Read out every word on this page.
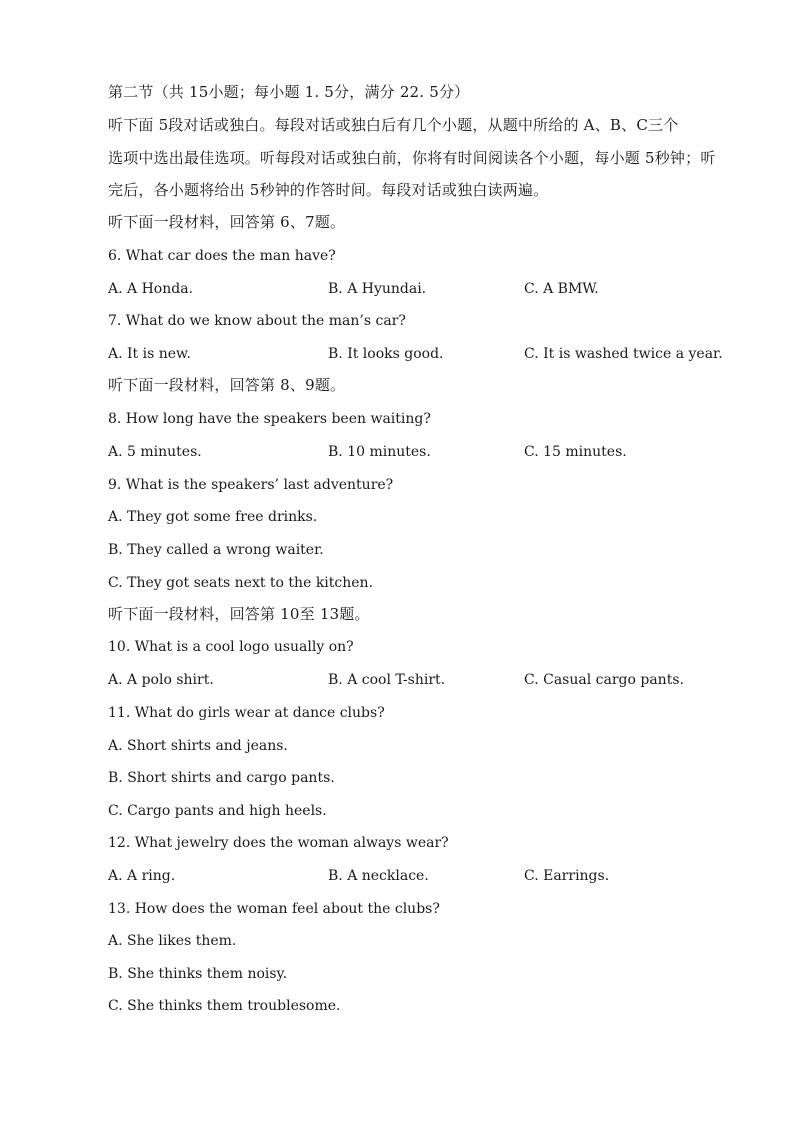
第二节（共 15小题；每小题 1. 5分，满分 22. 5分）
听下面 5段对话或独白。每段对话或独白后有几个小题，从题中所给的 A、B、C三个
选项中选出最佳选项。听每段对话或独白前，你将有时间阅读各个小题，每小题 5秒钟；听
完后，各小题将给出 5秒钟的作答时间。每段对话或独白读两遍。
听下面一段材料，回答第 6、7题。
6. What car does the man have?
A. A Honda.	B. A Hyundai.	C. A BMW.
7. What do we know about the man’s car?
A. It is new.	B. It looks good.	C. It is washed twice a year.
听下面一段材料，回答第 8、9题。
8. How long have the speakers been waiting?
A. 5 minutes.	B. 10 minutes.	C. 15 minutes.
9. What is the speakers’ last adventure?
A. They got some free drinks.
B. They called a wrong waiter.
C. They got seats next to the kitchen.
听下面一段材料，回答第 10至 13题。
10. What is a cool logo usually on?
A. A polo shirt.	B. A cool T-shirt.	C. Casual cargo pants.
11. What do girls wear at dance clubs?
A. Short shirts and jeans.
B. Short shirts and cargo pants.
C. Cargo pants and high heels.
12. What jewelry does the woman always wear?
A. A ring.	B. A necklace.	C. Earrings.
13. How does the woman feel about the clubs?
A. She likes them.
B. She thinks them noisy.
C. She thinks them troublesome.
